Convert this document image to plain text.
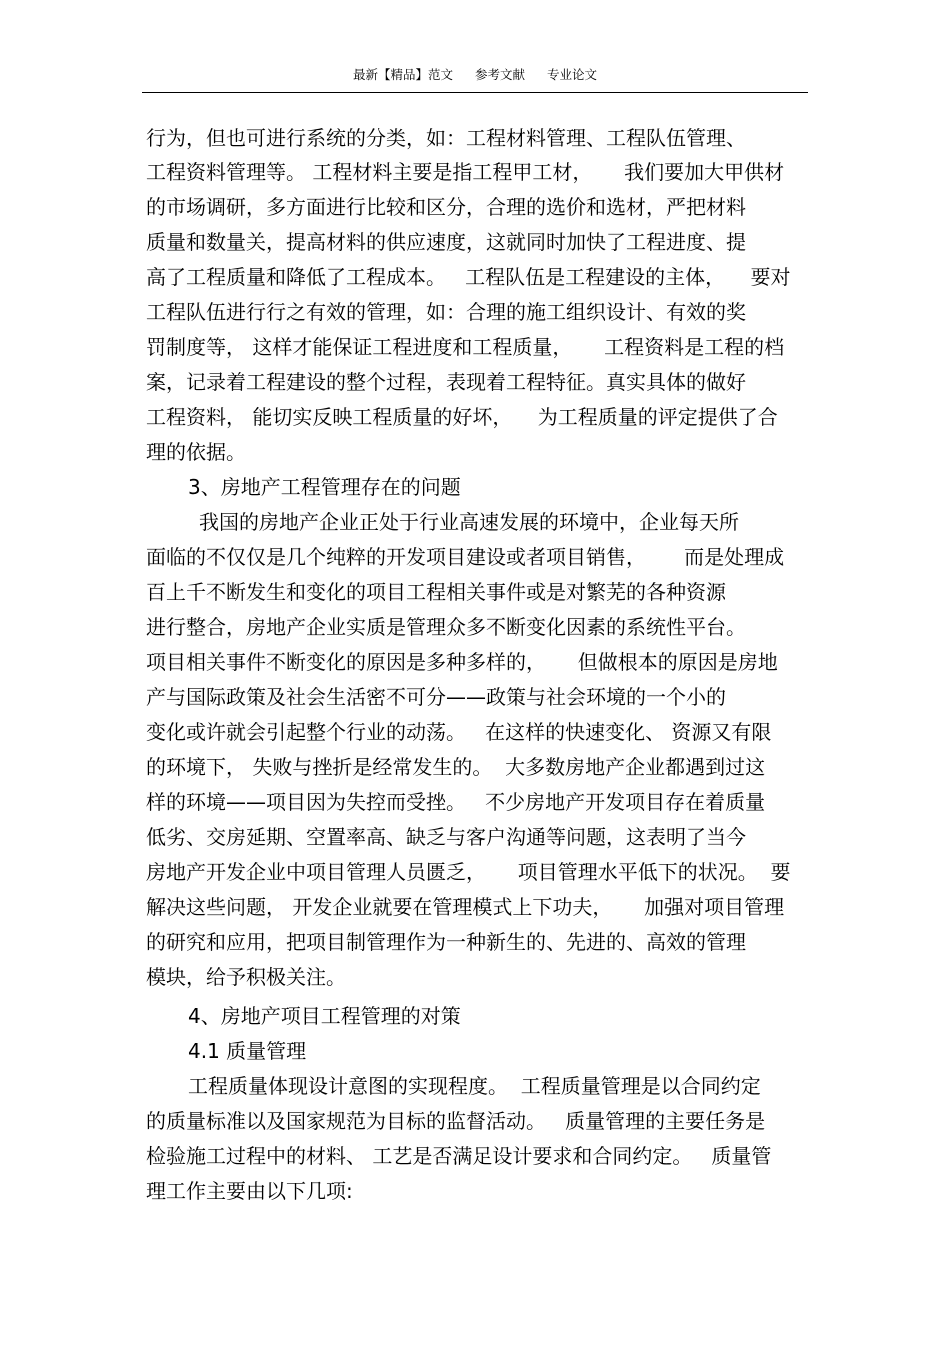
最新【精品】范文 参考文献 专业论文
行为，但也可进行系统的分类，如：工程材料管理、工程队伍管理、
工程资料管理等。 工程材料主要是指工程甲工材，     我们要加大甲供材
的市场调研，多方面进行比较和区分，合理的选价和选材，严把材料
质量和数量关，提高材料的供应速度，这就同时加快了工程进度、提
高了工程质量和降低了工程成本。   工程队伍是工程建设的主体，    要对
工程队伍进行行之有效的管理，如：合理的施工组织设计、有效的奖
罚制度等， 这样才能保证工程进度和工程质量，     工程资料是工程的档
案，记录着工程建设的整个过程，表现着工程特征。真实具体的做好
工程资料， 能切实反映工程质量的好坏，    为工程质量的评定提供了合
理的依据。
3、房地产工程管理存在的问题
我国的房地产企业正处于行业高速发展的环境中，企业每天所
面临的不仅仅是几个纯粹的开发项目建设或者项目销售，      而是处理成
百上千不断发生和变化的项目工程相关事件或是对繁芜的各种资源
进行整合，房地产企业实质是管理众多不断变化因素的系统性平台。
项目相关事件不断变化的原因是多种多样的，     但做根本的原因是房地
产与国际政策及社会生活密不可分——政策与社会环境的一个小的
变化或许就会引起整个行业的动荡。   在这样的快速变化、 资源又有限
的环境下， 失败与挫折是经常发生的。  大多数房地产企业都遇到过这
样的环境——项目因为失控而受挫。   不少房地产开发项目存在着质量
低劣、交房延期、空置率高、缺乏与客户沟通等问题，这表明了当今
房地产开发企业中项目管理人员匮乏，     项目管理水平低下的状况。  要
解决这些问题， 开发企业就要在管理模式上下功夫，     加强对项目管理
的研究和应用，把项目制管理作为一种新生的、先进的、高效的管理
模块，给予积极关注。
4、房地产项目工程管理的对策
4.1 质量管理
工程质量体现设计意图的实现程度。  工程质量管理是以合同约定
的质量标准以及国家规范为目标的监督活动。   质量管理的主要任务是
检验施工过程中的材料、 工艺是否满足设计要求和合同约定。   质量管
理工作主要由以下几项:
